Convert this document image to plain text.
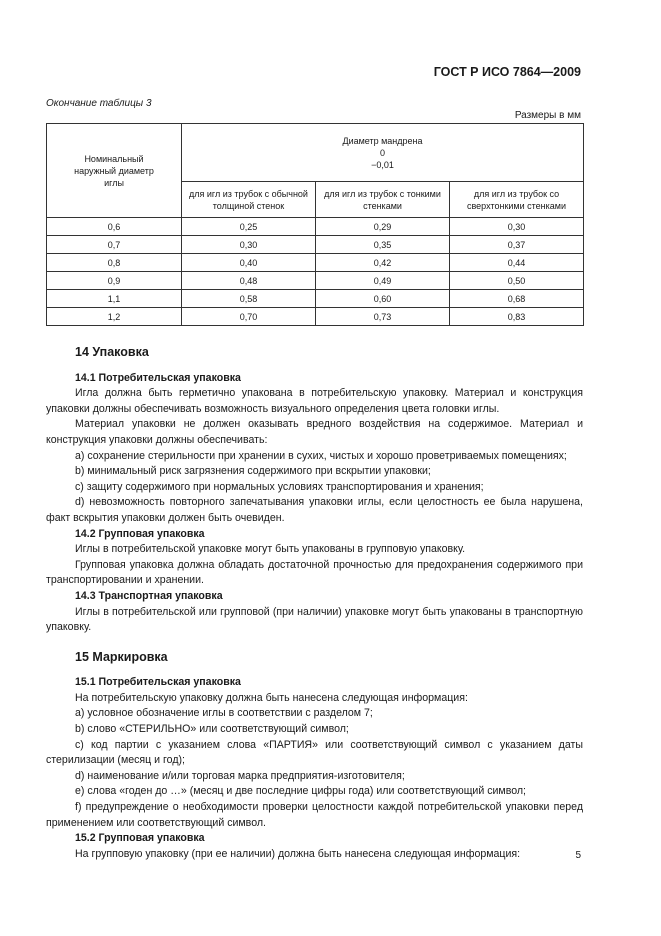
ГОСТ Р ИСО 7864—2009
Окончание таблицы 3
Размеры в мм
Номинальный наружный диаметр иглы	Диаметр мандрена
0
−0,01		

	для игл из трубок с обычной толщиной стенок	для игл из трубок с тонкими стенками	для игл из трубок со сверхтонкими стенками
0,6	0,25	0,29	0,30
0,7	0,30	0,35	0,37
0,8	0,40	0,42	0,44
0,9	0,48	0,49	0,50
1,1	0,58	0,60	0,68
1,2	0,70	0,73	0,83
14 Упаковка
14.1 Потребительская упаковка

Игла должна быть герметично упакована в потребительскую упаковку. Материал и конструкция упаковки должны обеспечивать возможность визуального определения цвета головки иглы.

Материал упаковки не должен оказывать вредного воздействия на содержимое. Материал и конструкция упаковки должны обеспечивать:

a) сохранение стерильности при хранении в сухих, чистых и хорошо проветриваемых помещениях;

b) минимальный риск загрязнения содержимого при вскрытии упаковки;

c) защиту содержимого при нормальных условиях транспортирования и хранения;

d) невозможность повторного запечатывания упаковки иглы, если целостность ее была нарушена, факт вскрытия упаковки должен быть очевиден.

14.2 Групповая упаковка

Иглы в потребительской упаковке могут быть упакованы в групповую упаковку.

Групповая упаковка должна обладать достаточной прочностью для предохранения содержимого при транспортировании и хранении.

14.3 Транспортная упаковка

Иглы в потребительской или групповой (при наличии) упаковке могут быть упакованы в транспортную упаковку.

15 Маркировка
15.1 Потребительская упаковка

На потребительскую упаковку должна быть нанесена следующая информация:

a) условное обозначение иглы в соответствии с разделом 7;

b) слово «СТЕРИЛЬНО» или соответствующий символ;

c) код партии с указанием слова «ПАРТИЯ» или соответствующий символ с указанием даты стерилизации (месяц и год);

d) наименование и/или торговая марка предприятия-изготовителя;

e) слова «годен до …» (месяц и две последние цифры года) или соответствующий символ;

f) предупреждение о необходимости проверки целостности каждой потребительской упаковки перед применением или соответствующий символ.

15.2 Групповая упаковка

На групповую упаковку (при ее наличии) должна быть нанесена следующая информация:	5
